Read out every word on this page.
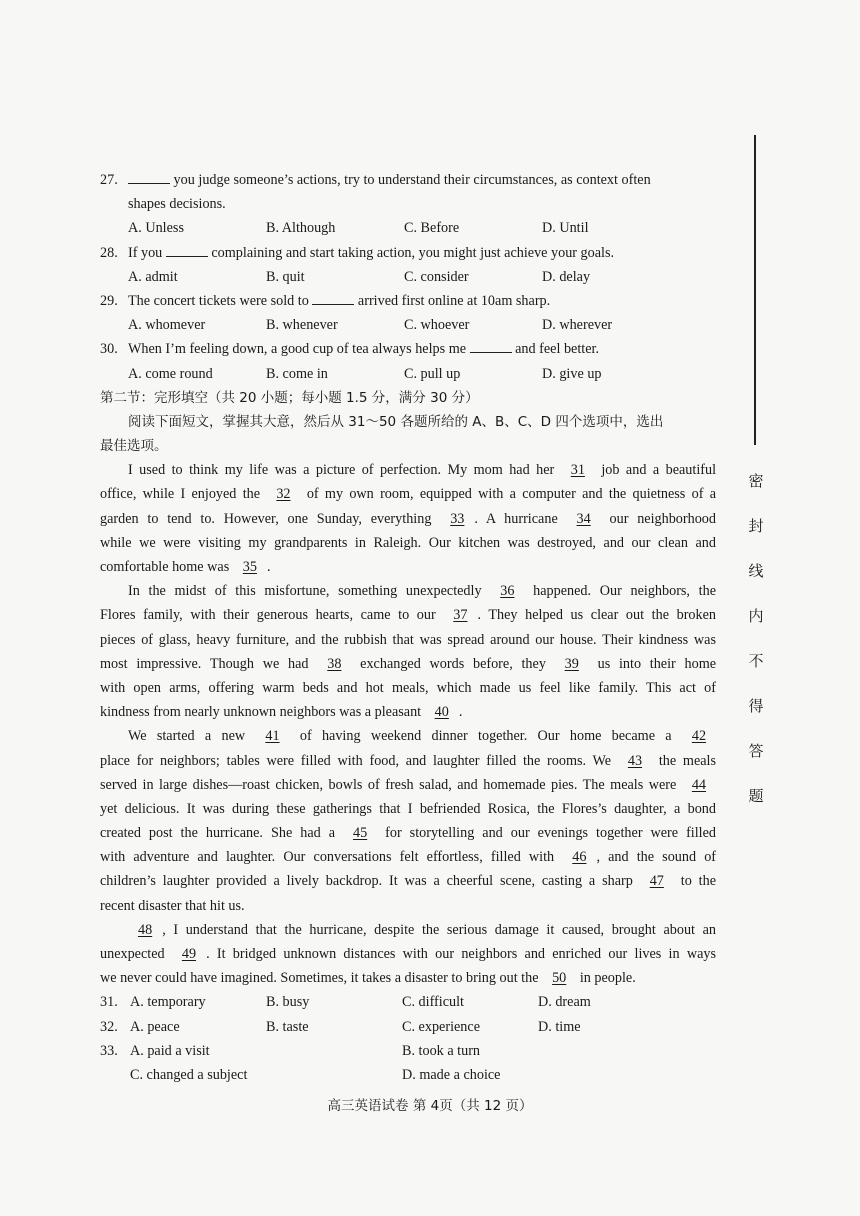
密
封
线
内
不
得
答
题
27.	you judge someone’s actions, try to understand their circumstances, as context often
shapes decisions.
A. Unless	B. Although	C. Before	D. Until
28. If you	complaining and start taking action, you might just achieve your goals.
A. admit	B. quit	C. consider	D. delay
29. The concert tickets were sold to	arrived first online at 10am sharp.
A. whomever	B. whenever	C. whoever	D. wherever
30. When I’m feeling down, a good cup of tea always helps me	and feel better.
A. come round	B. come in	C. pull up	D. give up
第二节：完形填空（共 20 小题；每小题 1.5 分，满分 30 分）
阅读下面短文，掌握其大意，然后从 31～50 各题所给的 A、B、C、D 四个选项中，选出
最佳选项。
I used to think my life was a picture of perfection. My mom had her 31 job and a beautiful
office, while I enjoyed the 32 of my own room, equipped with a computer and the quietness of a
garden to tend to. However, one Sunday, everything 33 . A hurricane 34 our neighborhood
while we were visiting my grandparents in Raleigh. Our kitchen was destroyed, and our clean and
comfortable home was 35 .
In the midst of this misfortune, something unexpectedly 36 happened. Our neighbors, the
Flores family, with their generous hearts, came to our 37 . They helped us clear out the broken
pieces of glass, heavy furniture, and the rubbish that was spread around our house. Their kindness was
most impressive. Though we had 38 exchanged words before, they 39 us into their home
with open arms, offering warm beds and hot meals, which made us feel like family. This act of
kindness from nearly unknown neighbors was a pleasant 40 .
We started a new 41 of having weekend dinner together. Our home became a 42
place for neighbors; tables were filled with food, and laughter filled the rooms. We 43 the meals
served in large dishes—roast chicken, bowls of fresh salad, and homemade pies. The meals were 44
yet delicious. It was during these gatherings that I befriended Rosica, the Flores’s daughter, a bond
created post the hurricane. She had a 45 for storytelling and our evenings together were filled
with adventure and laughter. Our conversations felt effortless, filled with 46 , and the sound of
children’s laughter provided a lively backdrop. It was a cheerful scene, casting a sharp 47 to the
recent disaster that hit us.
48 , I understand that the hurricane, despite the serious damage it caused, brought about an
unexpected 49 . It bridged unknown distances with our neighbors and enriched our lives in ways
we never could have imagined. Sometimes, it takes a disaster to bring out the 50 in people.
31. A. temporary	B. busy	C. difficult	D. dream
32. A. peace	B. taste	C. experience	D. time
33. A. paid a visit	B. took a turn
C. changed a subject	D. made a choice
高三英语试卷 第 4页（共 12 页）
